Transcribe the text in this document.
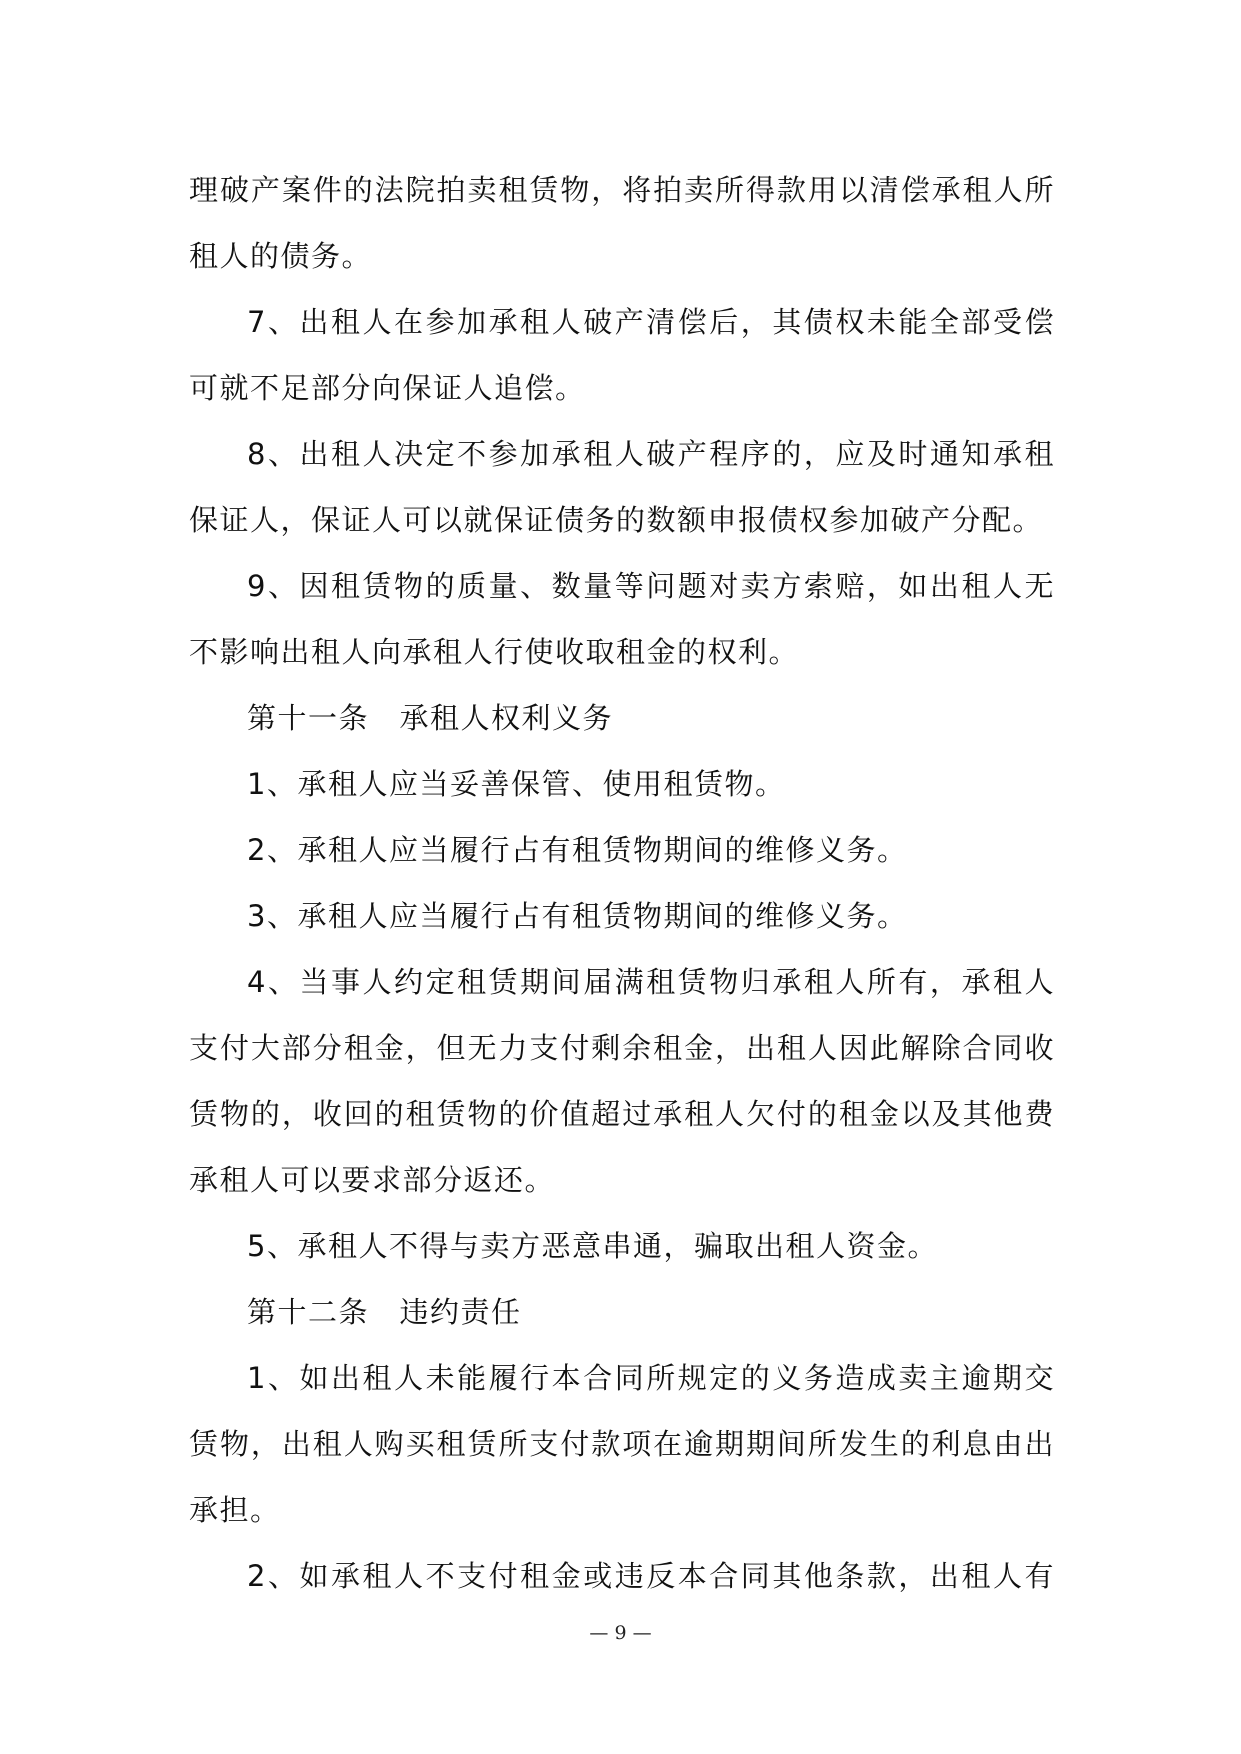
理破产案件的法院拍卖租赁物，将拍卖所得款用以清偿承租人所
租人的债务。
7、出租人在参加承租人破产清偿后，其债权未能全部受偿
可就不足部分向保证人追偿。
8、出租人决定不参加承租人破产程序的，应及时通知承租
保证人，保证人可以就保证债务的数额申报债权参加破产分配。
9、因租赁物的质量、数量等问题对卖方索赔，如出租人无
不影响出租人向承租人行使收取租金的权利。
第十一条　承租人权利义务
1、承租人应当妥善保管、使用租赁物。
2、承租人应当履行占有租赁物期间的维修义务。
3、承租人应当履行占有租赁物期间的维修义务。
4、当事人约定租赁期间届满租赁物归承租人所有，承租人
支付大部分租金，但无力支付剩余租金，出租人因此解除合同收
赁物的，收回的租赁物的价值超过承租人欠付的租金以及其他费
承租人可以要求部分返还。
5、承租人不得与卖方恶意串通，骗取出租人资金。
第十二条　违约责任
1、如出租人未能履行本合同所规定的义务造成卖主逾期交
赁物，出租人购买租赁所支付款项在逾期期间所发生的利息由出
承担。
2、如承租人不支付租金或违反本合同其他条款，出租人有
— 9 —
